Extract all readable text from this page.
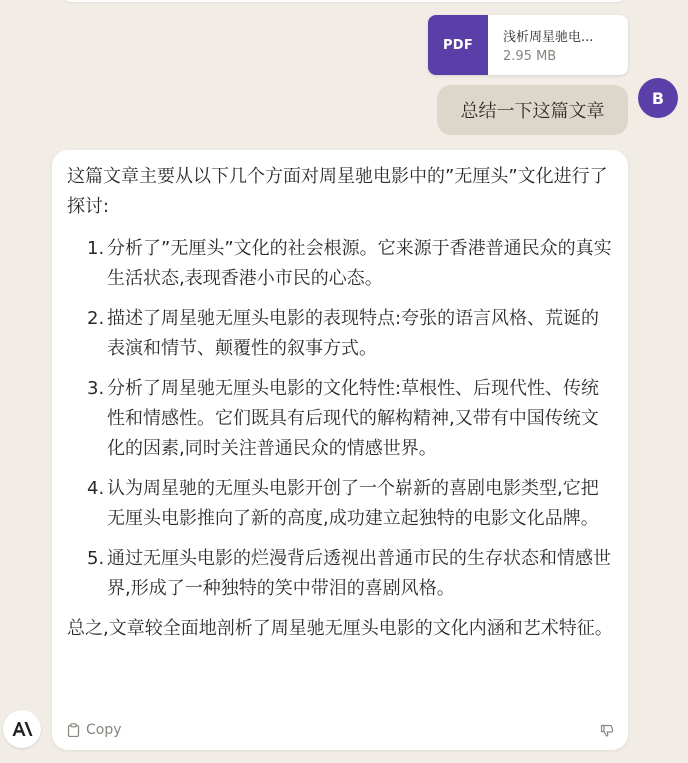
PDF	浅析周星驰电...
2.95 MB
B
总结一下这篇文章

这篇文章主要从以下几个方面对周星驰电影中的”无厘头”文化进行了探讨:

1. 分析了”无厘头”文化的社会根源。它来源于香港普通民众的真实生活状态,表现香港小市民的心态。
2. 描述了周星驰无厘头电影的表现特点:夸张的语言风格、荒诞的表演和情节、颠覆性的叙事方式。
3. 分析了周星驰无厘头电影的文化特性:草根性、后现代性、传统性和情感性。它们既具有后现代的解构精神,又带有中国传统文化的因素,同时关注普通民众的情感世界。
4. 认为周星驰的无厘头电影开创了一个崭新的喜剧电影类型,它把无厘头电影推向了新的高度,成功建立起独特的电影文化品牌。
5. 通过无厘头电影的烂漫背后透视出普通市民的生存状态和情感世界,形成了一种独特的笑中带泪的喜剧风格。

总之,文章较全面地剖析了周星驰无厘头电影的文化内涵和艺术特征。

Copy
